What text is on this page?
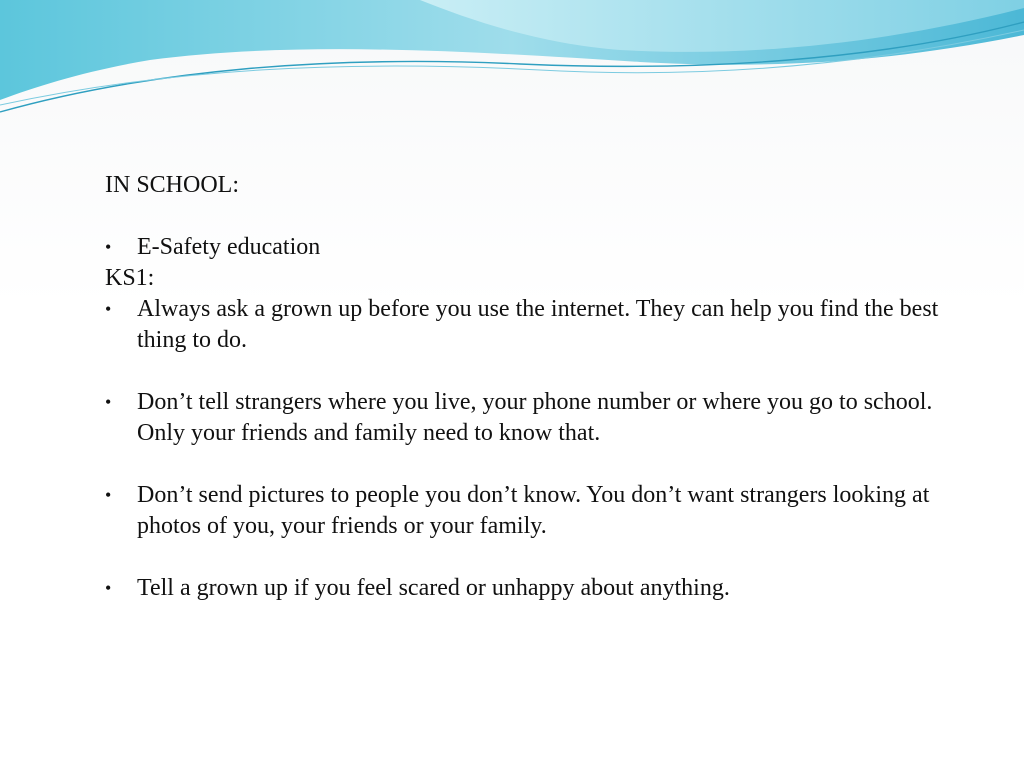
IN SCHOOL:

•	E-Safety education

KS1:

•	Always ask a grown up before you use the internet. They can help you find the best thing to do.
•	Don’t tell strangers where you live, your phone number or where you go to school. Only your friends and family need to know that.
•	Don’t send pictures to people you don’t know. You don’t want strangers looking at photos of you, your friends or your family.
•	Tell a grown up if you feel scared or unhappy about anything.
